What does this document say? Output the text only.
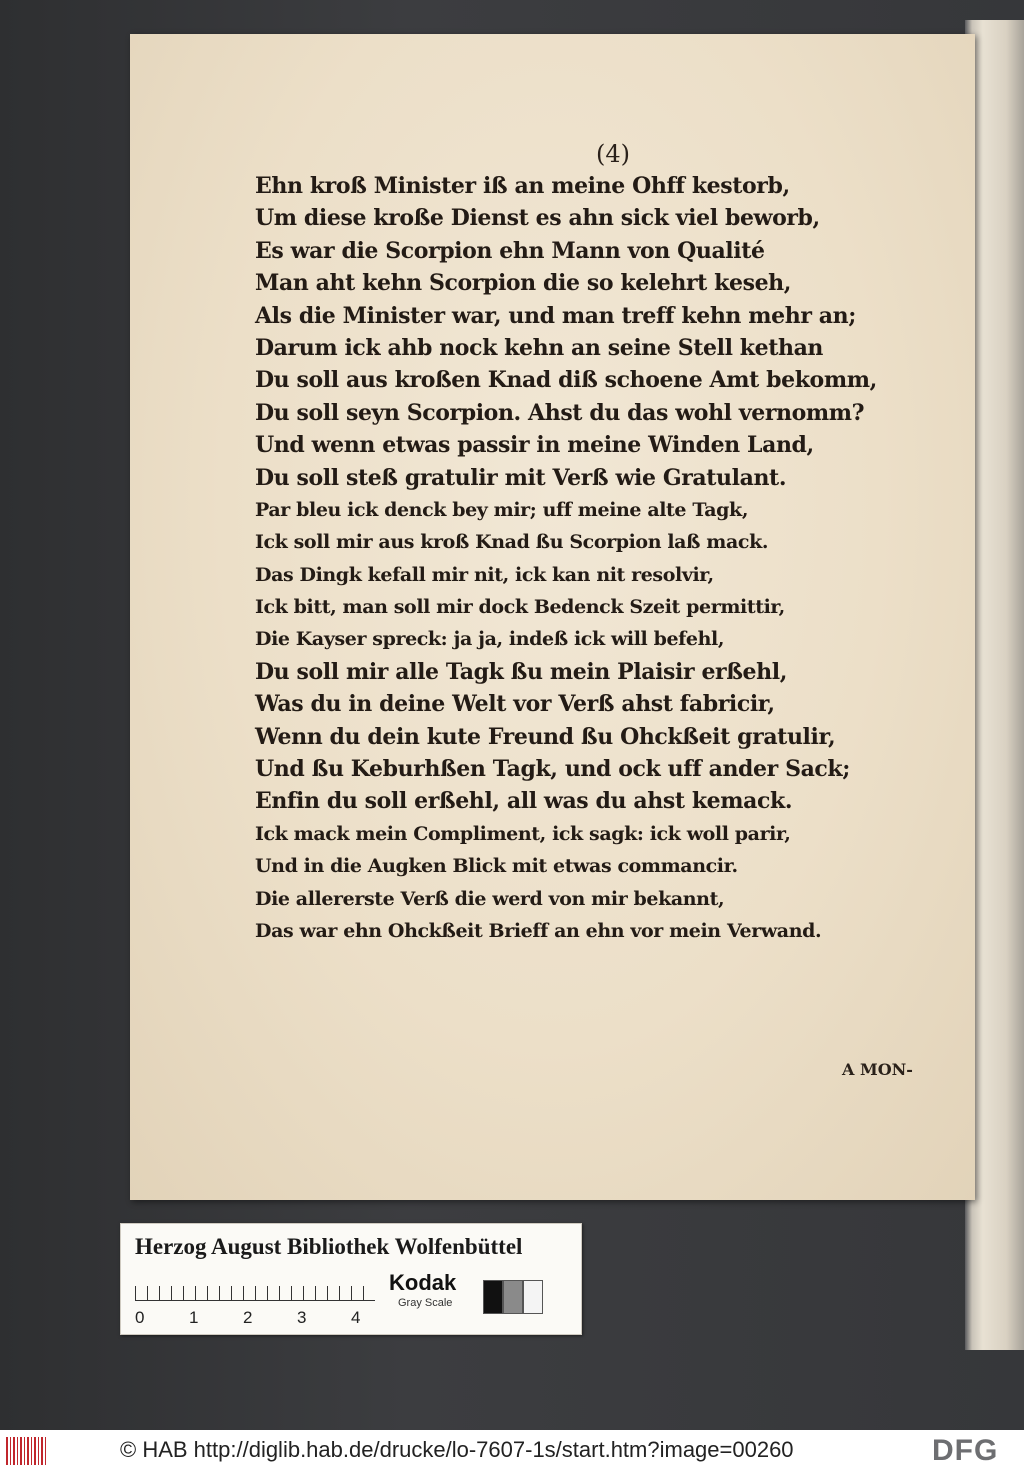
(4)
Ehn kroß Minister iß an meine Ohff kestorb,
Um diese kroße Dienst es ahn sick viel beworb,
Es war die Scorpion ehn Mann von Qualité
Man aht kehn Scorpion die so kelehrt keseh,
Als die Minister war, und man treff kehn mehr an;
Darum ick ahb nock kehn an seine Stell kethan
Du soll aus kroßen Knad diß schoene Amt bekomm,
Du soll seyn Scorpion. Ahst du das wohl vernomm?
Und wenn etwas passir in meine Winden Land,
Du soll steß gratulir mit Verß wie Gratulant.
Par bleu ick denck bey mir; uff meine alte Tagk,
Ick soll mir aus kroß Knad ßu Scorpion laß mack.
Das Dingk kefall mir nit, ick kan nit resolvir,
Ick bitt, man soll mir dock Bedenck Szeit permittir,
Die Kayser spreck: ja ja, indeß ick will befehl,
Du soll mir alle Tagk ßu mein Plaisir erßehl,
Was du in deine Welt vor Verß ahst fabricir,
Wenn du dein kute Freund ßu Ohckßeit gratulir,
Und ßu Keburhßen Tagk, und ock uff ander Sack;
Enfin du soll erßehl, all was du ahst kemack.
Ick mack mein Compliment, ick sagk: ick woll parir,
Und in die Augken Blick mit etwas commancir.
Die allererste Verß die werd von mir bekannt,
Das war ehn Ohckßeit Brieff an ehn vor mein Verwand.
A MON-
Herzog August Bibliothek Wolfenbüttel
0	1	2	3	4
Kodak
Gray Scale
© HAB http://diglib.hab.de/drucke/lo-7607-1s/start.htm?image=00260	DFG
